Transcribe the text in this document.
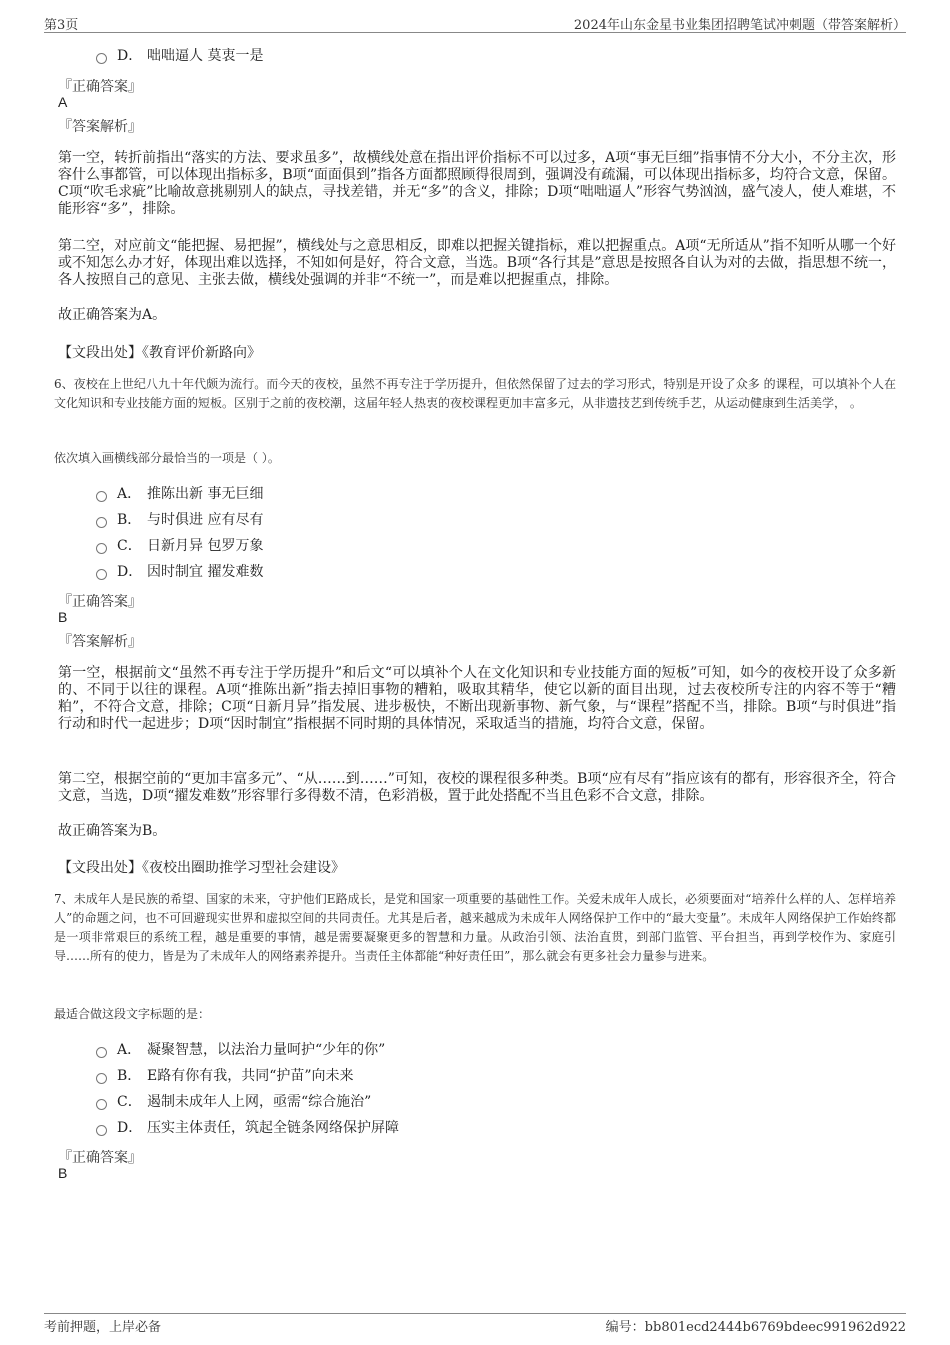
第3页	2024年山东金星书业集团招聘笔试冲刺题（带答案解析）
D． 咄咄逼人 莫衷一是
『正确答案』
A
『答案解析』
第一空，转折前指出“落实的方法、要求虽多”，故横线处意在指出评价指标不可以过多，A项“事无巨细”指事情不分大小，不分主次，形容什么事都管，可以体现出指标多，B项“面面俱到”指各方面都照顾得很周到，强调没有疏漏，可以体现出指标多，均符合文意，保留。C项“吹毛求疵”比喻故意挑剔别人的缺点，寻找差错，并无“多”的含义，排除；D项“咄咄逼人”形容气势汹汹，盛气凌人，使人难堪，不能形容“多”，排除。
第二空，对应前文“能把握、易把握”，横线处与之意思相反，即难以把握关键指标，难以把握重点。A项“无所适从”指不知听从哪一个好或不知怎么办才好，体现出难以选择，不知如何是好，符合文意，当选。B项“各行其是”意思是按照各自认为对的去做，指思想不统一，各人按照自己的意见、主张去做，横线处强调的并非“不统一”，而是难以把握重点，排除。
故正确答案为A。
【文段出处】《教育评价新路向》
6、夜校在上世纪八九十年代颇为流行。而今天的夜校，虽然不再专注于学历提升，但依然保留了过去的学习形式，特别是开设了众多 的课程，可以填补个人在文化知识和专业技能方面的短板。区别于之前的夜校潮，这届年轻人热衷的夜校课程更加丰富多元，从非遗技艺到传统手艺，从运动健康到生活美学， 。
依次填入画横线部分最恰当的一项是（ ）。
A． 推陈出新 事无巨细
B． 与时俱进 应有尽有
C． 日新月异 包罗万象
D． 因时制宜 擢发难数
『正确答案』
B
『答案解析』
第一空，根据前文“虽然不再专注于学历提升”和后文“可以填补个人在文化知识和专业技能方面的短板”可知，如今的夜校开设了众多新的、不同于以往的课程。A项“推陈出新”指去掉旧事物的糟粕，吸取其精华，使它以新的面目出现，过去夜校所专注的内容不等于“糟粕”，不符合文意，排除；C项“日新月异”指发展、进步极快，不断出现新事物、新气象，与“课程”搭配不当，排除。B项“与时俱进”指行动和时代一起进步；D项“因时制宜”指根据不同时期的具体情况，采取适当的措施，均符合文意，保留。
第二空，根据空前的“更加丰富多元”、“从……到……”可知，夜校的课程很多种类。B项“应有尽有”指应该有的都有，形容很齐全，符合文意，当选，D项“擢发难数”形容罪行多得数不清，色彩消极，置于此处搭配不当且色彩不合文意，排除。
故正确答案为B。
【文段出处】《夜校出圈助推学习型社会建设》
7、未成年人是民族的希望、国家的未来，守护他们E路成长，是党和国家一项重要的基础性工作。关爱未成年人成长，必须要面对“培养什么样的人、怎样培养人”的命题之问，也不可回避现实世界和虚拟空间的共同责任。尤其是后者，越来越成为未成年人网络保护工作中的“最大变量”。未成年人网络保护工作始终都是一项非常艰巨的系统工程，越是重要的事情，越是需要凝聚更多的智慧和力量。从政治引领、法治直贯，到部门监管、平台担当，再到学校作为、家庭引导……所有的使力，皆是为了未成年人的网络素养提升。当责任主体都能“种好责任田”，那么就会有更多社会力量参与进来。
最适合做这段文字标题的是：
A． 凝聚智慧，以法治力量呵护“少年的你”
B． E路有你有我，共同“护苗”向未来
C． 遏制未成年人上网，亟需“综合施治”
D． 压实主体责任，筑起全链条网络保护屏障
『正确答案』
B
考前押题，上岸必备	编号：bb801ecd2444b6769bdeec991962d922
